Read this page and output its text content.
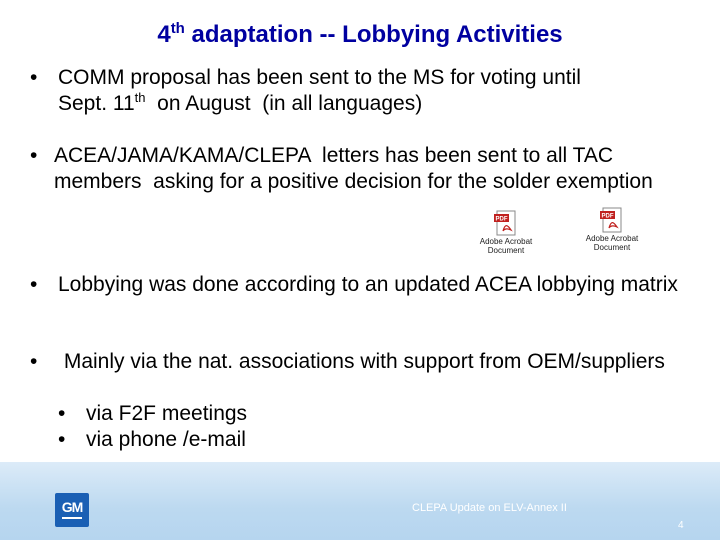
4th adaptation -- Lobbying Activities
• COMM proposal has been sent to the MS for voting until
Sept. 11th  on August  (in all languages)
• ACEA/JAMA/KAMA/CLEPA  letters has been sent to all TAC members  asking for a positive decision for the solder exemption
PDF
Adobe Acrobat
Document
PDF
Adobe Acrobat
Document
• Lobbying was done according to an updated ACEA lobbying matrix
• Mainly via the nat. associations with support from OEM/suppliers
• via F2F meetings
• via phone /e-mail
GM	CLEPA Update on ELV-Annex II
4
